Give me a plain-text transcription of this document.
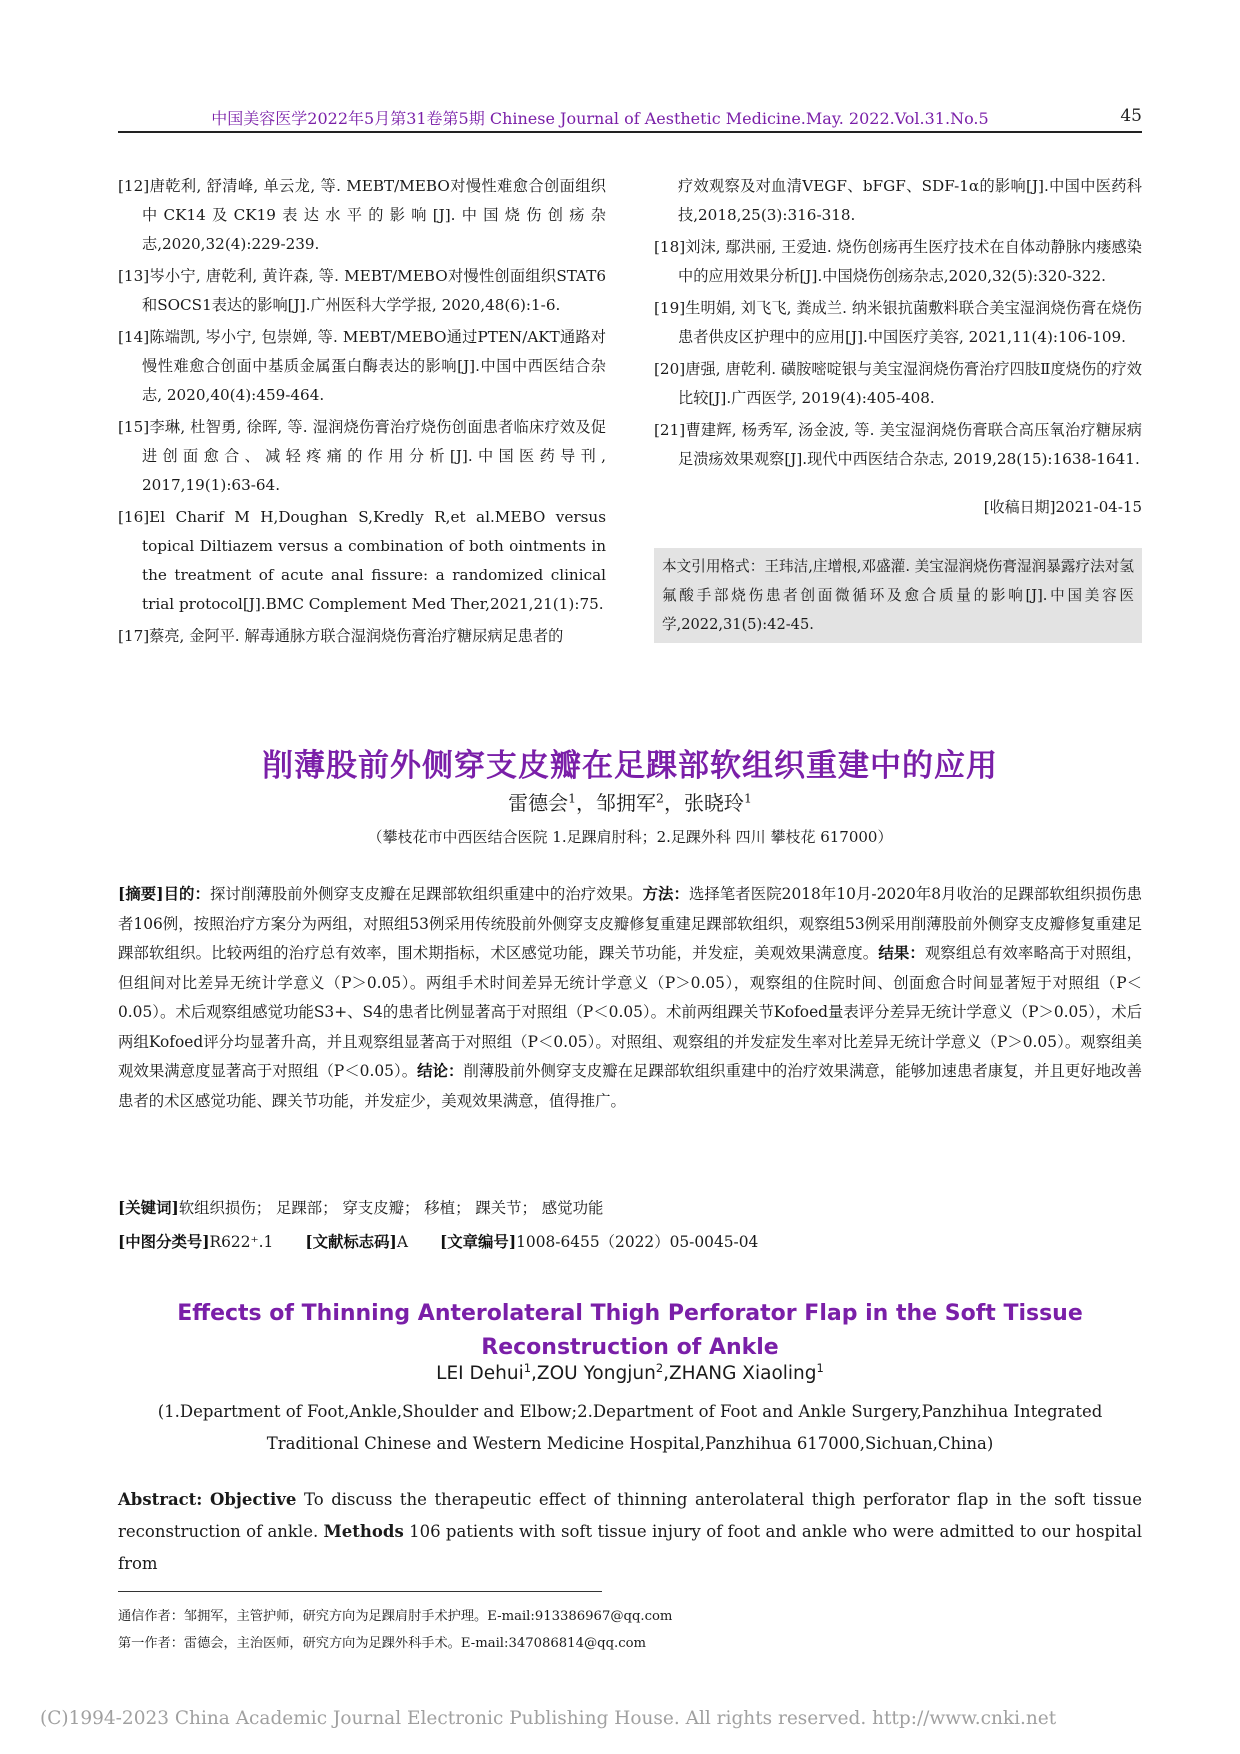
中国美容医学2022年5月第31卷第5期 Chinese Journal of Aesthetic Medicine.May. 2022.Vol.31.No.5	45

[12]唐乾利, 舒清峰, 单云龙, 等. MEBT/MEBO对慢性难愈合创面组织中CK14及CK19表达水平的影响[J].中国烧伤创疡杂志,2020,32(4):229-239.

[13]岑小宁, 唐乾利, 黄许森, 等. MEBT/MEBO对慢性创面组织STAT6和SOCS1表达的影响[J].广州医科大学学报, 2020,48(6):1-6.

[14]陈端凯, 岑小宁, 包崇婵, 等. MEBT/MEBO通过PTEN/AKT通路对慢性难愈合创面中基质金属蛋白酶表达的影响[J].中国中西医结合杂志, 2020,40(4):459-464.

[15]李琳, 杜智勇, 徐晖, 等. 湿润烧伤膏治疗烧伤创面患者临床疗效及促进创面愈合、减轻疼痛的作用分析[J].中国医药导刊, 2017,19(1):63-64.

[16]El Charif M H,Doughan S,Kredly R,et al.MEBO versus topical Diltiazem versus a combination of both ointments in the treatment of acute anal fissure: a randomized clinical trial protocol[J].BMC Complement Med Ther,2021,21(1):75.

[17]蔡亮, 金阿平. 解毒通脉方联合湿润烧伤膏治疗糖尿病足患者的

疗效观察及对血清VEGF、bFGF、SDF-1α的影响[J].中国中医药科技,2018,25(3):316-318.

[18]刘沫, 鄢洪丽, 王爱迪. 烧伤创疡再生医疗技术在自体动静脉内瘘感染中的应用效果分析[J].中国烧伤创疡杂志,2020,32(5):320-322.

[19]生明娟, 刘飞飞, 粪成兰. 纳米银抗菌敷料联合美宝湿润烧伤膏在烧伤患者供皮区护理中的应用[J].中国医疗美容, 2021,11(4):106-109.

[20]唐强, 唐乾利. 磺胺嘧啶银与美宝湿润烧伤膏治疗四肢Ⅱ度烧伤的疗效比较[J].广西医学, 2019(4):405-408.

[21]曹建辉, 杨秀军, 汤金波, 等. 美宝湿润烧伤膏联合高压氧治疗糖尿病足溃疡效果观察[J].现代中西医结合杂志, 2019,28(15):1638-1641.

[收稿日期]2021-04-15
本文引用格式：王玮洁,庄增根,邓盛灌. 美宝湿润烧伤膏湿润暴露疗法对氢氟酸手部烧伤患者创面微循环及愈合质量的影响[J].中国美容医学,2022,31(5):42-45.
削薄股前外侧穿支皮瓣在足踝部软组织重建中的应用
雷德会$^1$，邹拥军$^2$，张晓玲$^1$
（攀枝花市中西医结合医院 1.足踝肩肘科；2.足踝外科 四川 攀枝花 617000）
[摘要]目的：探讨削薄股前外侧穿支皮瓣在足踝部软组织重建中的治疗效果。方法：选择笔者医院2018年10月-2020年8月收治的足踝部软组织损伤患者106例，按照治疗方案分为两组，对照组53例采用传统股前外侧穿支皮瓣修复重建足踝部软组织，观察组53例采用削薄股前外侧穿支皮瓣修复重建足踝部软组织。比较两组的治疗总有效率，围术期指标，术区感觉功能，踝关节功能，并发症，美观效果满意度。结果：观察组总有效率略高于对照组，但组间对比差异无统计学意义（P＞0.05）。两组手术时间差异无统计学意义（P＞0.05），观察组的住院时间、创面愈合时间显著短于对照组（P＜0.05）。术后观察组感觉功能S3+、S4的患者比例显著高于对照组（P＜0.05）。术前两组踝关节Kofoed量表评分差异无统计学意义（P＞0.05），术后两组Kofoed评分均显著升高，并且观察组显著高于对照组（P＜0.05）。对照组、观察组的并发症发生率对比差异无统计学意义（P＞0.05）。观察组美观效果满意度显著高于对照组（P＜0.05）。结论：削薄股前外侧穿支皮瓣在足踝部软组织重建中的治疗效果满意，能够加速患者康复，并且更好地改善患者的术区感觉功能、踝关节功能，并发症少，美观效果满意，值得推广。
[关键词]软组织损伤； 足踝部； 穿支皮瓣； 移植； 踝关节； 感觉功能
[中图分类号]R622⁺.1 [文献标志码]A [文章编号]1008-6455（2022）05-0045-04
Effects of Thinning Anterolateral Thigh Perforator Flap in the Soft Tissue Reconstruction of Ankle
LEI Dehui$^1$,ZOU Yongjun$^2$,ZHANG Xiaoling$^1$
(1.Department of Foot,Ankle,Shoulder and Elbow;2.Department of Foot and Ankle Surgery,Panzhihua Integrated Traditional Chinese and Western Medicine Hospital,Panzhihua 617000,Sichuan,China)
Abstract: Objective To discuss the therapeutic effect of thinning anterolateral thigh perforator flap in the soft tissue reconstruction of ankle. Methods 106 patients with soft tissue injury of foot and ankle who were admitted to our hospital from
通信作者：邹拥军，主管护师，研究方向为足踝肩肘手术护理。E-mail:913386967@qq.com
第一作者：雷德会，主治医师，研究方向为足踝外科手术。E-mail:347086814@qq.com
(C)1994-2023 China Academic Journal Electronic Publishing House. All rights reserved. http://www.cnki.net
